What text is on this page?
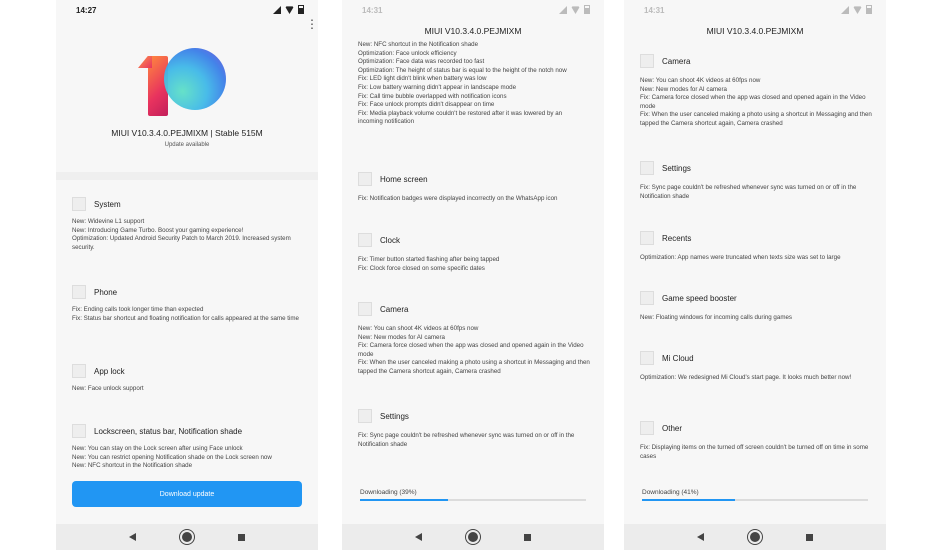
14:27
⋮
MIUI V10.3.4.0.PEJMIXM | Stable 515M
Update available
System
New: Widevine L1 support
New: Introducing Game Turbo. Boost your gaming experience!
Optimization: Updated Android Security Patch to March 2019. Increased system security.
Phone
Fix: Ending calls took longer time than expected
Fix: Status bar shortcut and floating notification for calls appeared at the same time
App lock
New: Face unlock support
Lockscreen, status bar, Notification shade
New: You can stay on the Lock screen after using Face unlock
New: You can restrict opening Notification shade on the Lock screen now
New: NFC shortcut in the Notification shade
Download update
14:31
MIUI V10.3.4.0.PEJMIXM
New: NFC shortcut in the Notification shade
Optimization: Face unlock efficiency
Optimization: Face data was recorded too fast
Optimization: The height of status bar is equal to the height of the notch now
Fix: LED light didn't blink when battery was low
Fix: Low battery warning didn't appear in landscape mode
Fix: Call time bubble overlapped with notification icons
Fix: Face unlock prompts didn't disappear on time
Fix: Media playback volume couldn't be restored after it was lowered by an incoming notification
Home screen
Fix: Notification badges were displayed incorrectly on the WhatsApp icon
Clock
Fix: Timer button started flashing after being tapped
Fix: Clock force closed on some specific dates
Camera
New: You can shoot 4K videos at 60fps now
New: New modes for AI camera
Fix: Camera force closed when the app was closed and opened again in the Video mode
Fix: When the user canceled making a photo using a shortcut in Messaging and then tapped the Camera shortcut again, Camera crashed
Settings
Fix: Sync page couldn't be refreshed whenever sync was turned on or off in the Notification shade
Downloading (39%)
14:31
MIUI V10.3.4.0.PEJMIXM
Camera
New: You can shoot 4K videos at 60fps now
New: New modes for AI camera
Fix: Camera force closed when the app was closed and opened again in the Video mode
Fix: When the user canceled making a photo using a shortcut in Messaging and then tapped the Camera shortcut again, Camera crashed
Settings
Fix: Sync page couldn't be refreshed whenever sync was turned on or off in the Notification shade
Recents
Optimization: App names were truncated when texts size was set to large
Game speed booster
New: Floating windows for incoming calls during games
Mi Cloud
Optimization: We redesigned Mi Cloud's start page. It looks much better now!
Other
Fix: Displaying items on the turned off screen couldn't be turned off on time in some cases
Downloading (41%)
